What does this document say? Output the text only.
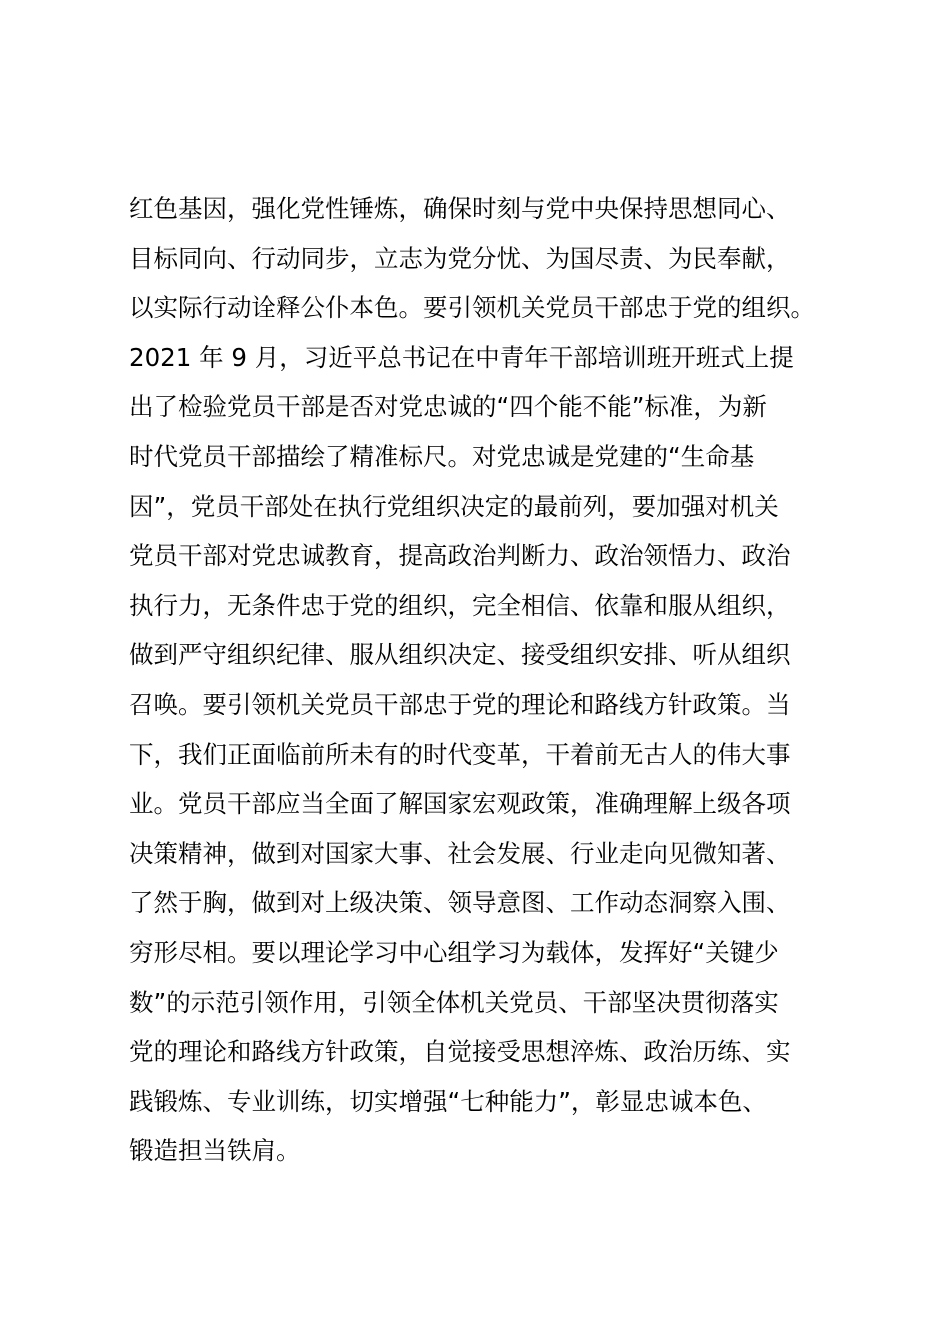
红色基因，强化党性锤炼，确保时刻与党中央保持思想同心、
目标同向、行动同步，立志为党分忧、为国尽责、为民奉献，
以实际行动诠释公仆本色。要引领机关党员干部忠于党的组织。
2021 年 9 月，习近平总书记在中青年干部培训班开班式上提
出了检验党员干部是否对党忠诚的“四个能不能”标准，为新
时代党员干部描绘了精准标尺。对党忠诚是党建的“生命基
因”，党员干部处在执行党组织决定的最前列，要加强对机关
党员干部对党忠诚教育，提高政治判断力、政治领悟力、政治
执行力，无条件忠于党的组织，完全相信、依靠和服从组织，
做到严守组织纪律、服从组织决定、接受组织安排、听从组织
召唤。要引领机关党员干部忠于党的理论和路线方针政策。当
下，我们正面临前所未有的时代变革，干着前无古人的伟大事
业。党员干部应当全面了解国家宏观政策，准确理解上级各项
决策精神，做到对国家大事、社会发展、行业走向见微知著、
了然于胸，做到对上级决策、领导意图、工作动态洞察入围、
穷形尽相。要以理论学习中心组学习为载体，发挥好“关键少
数”的示范引领作用，引领全体机关党员、干部坚决贯彻落实
党的理论和路线方针政策，自觉接受思想淬炼、政治历练、实
践锻炼、专业训练，切实增强“七种能力”，彰显忠诚本色、
锻造担当铁肩。
